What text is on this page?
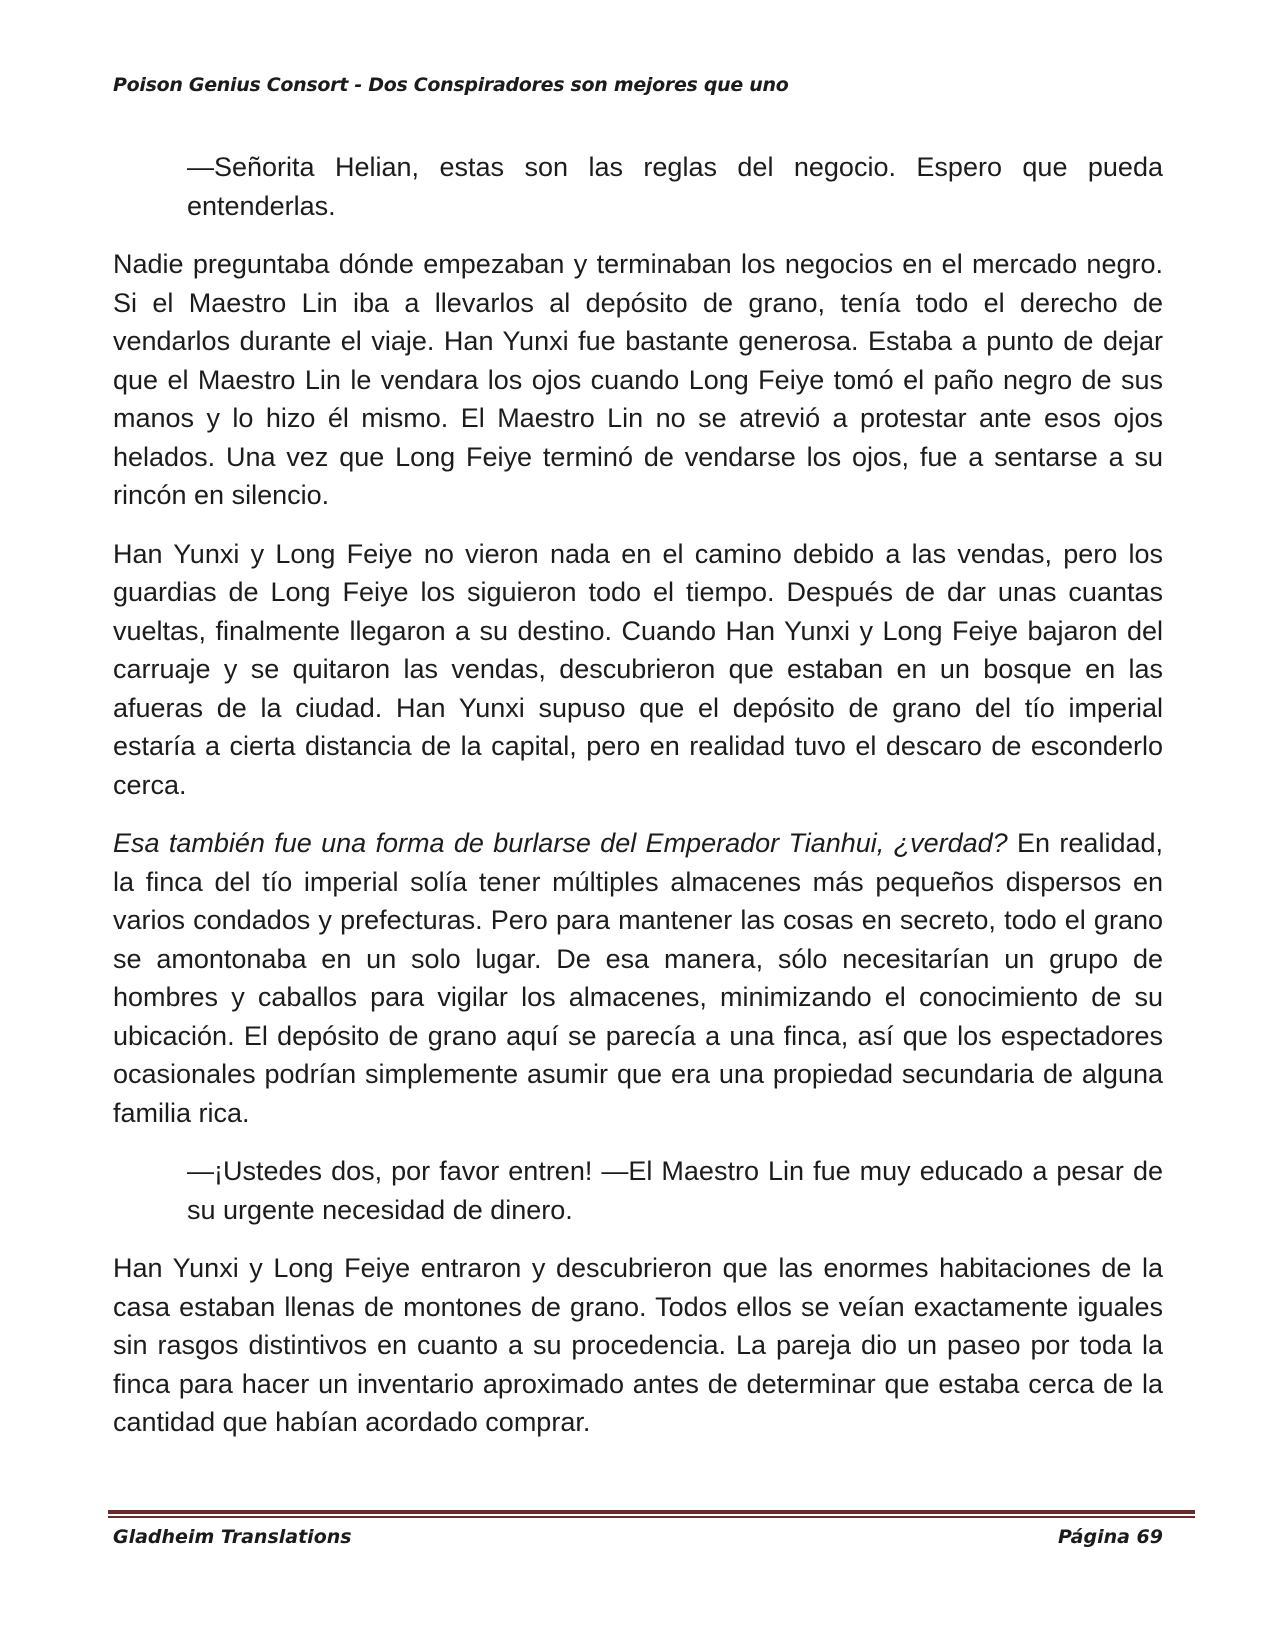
Poison Genius Consort - Dos Conspiradores son mejores que uno

—Señorita Helian, estas son las reglas del negocio. Espero que pueda entenderlas.

Nadie preguntaba dónde empezaban y terminaban los negocios en el mercado negro. Si el Maestro Lin iba a llevarlos al depósito de grano, tenía todo el derecho de vendarlos durante el viaje. Han Yunxi fue bastante generosa. Estaba a punto de dejar que el Maestro Lin le vendara los ojos cuando Long Feiye tomó el paño negro de sus manos y lo hizo él mismo. El Maestro Lin no se atrevió a protestar ante esos ojos helados. Una vez que Long Feiye terminó de vendarse los ojos, fue a sentarse a su rincón en silencio.

Han Yunxi y Long Feiye no vieron nada en el camino debido a las vendas, pero los guardias de Long Feiye los siguieron todo el tiempo. Después de dar unas cuantas vueltas, finalmente llegaron a su destino. Cuando Han Yunxi y Long Feiye bajaron del carruaje y se quitaron las vendas, descubrieron que estaban en un bosque en las afueras de la ciudad. Han Yunxi supuso que el depósito de grano del tío imperial estaría a cierta distancia de la capital, pero en realidad tuvo el descaro de esconderlo cerca.

Esa también fue una forma de burlarse del Emperador Tianhui, ¿verdad? En realidad, la finca del tío imperial solía tener múltiples almacenes más pequeños dispersos en varios condados y prefecturas. Pero para mantener las cosas en secreto, todo el grano se amontonaba en un solo lugar. De esa manera, sólo necesitarían un grupo de hombres y caballos para vigilar los almacenes, minimizando el conocimiento de su ubicación. El depósito de grano aquí se parecía a una finca, así que los espectadores ocasionales podrían simplemente asumir que era una propiedad secundaria de alguna familia rica.

—¡Ustedes dos, por favor entren! —El Maestro Lin fue muy educado a pesar de su urgente necesidad de dinero.

Han Yunxi y Long Feiye entraron y descubrieron que las enormes habitaciones de la casa estaban llenas de montones de grano. Todos ellos se veían exactamente iguales sin rasgos distintivos en cuanto a su procedencia. La pareja dio un paseo por toda la finca para hacer un inventario aproximado antes de determinar que estaba cerca de la cantidad que habían acordado comprar.

Gladheim Translations	Página 69
